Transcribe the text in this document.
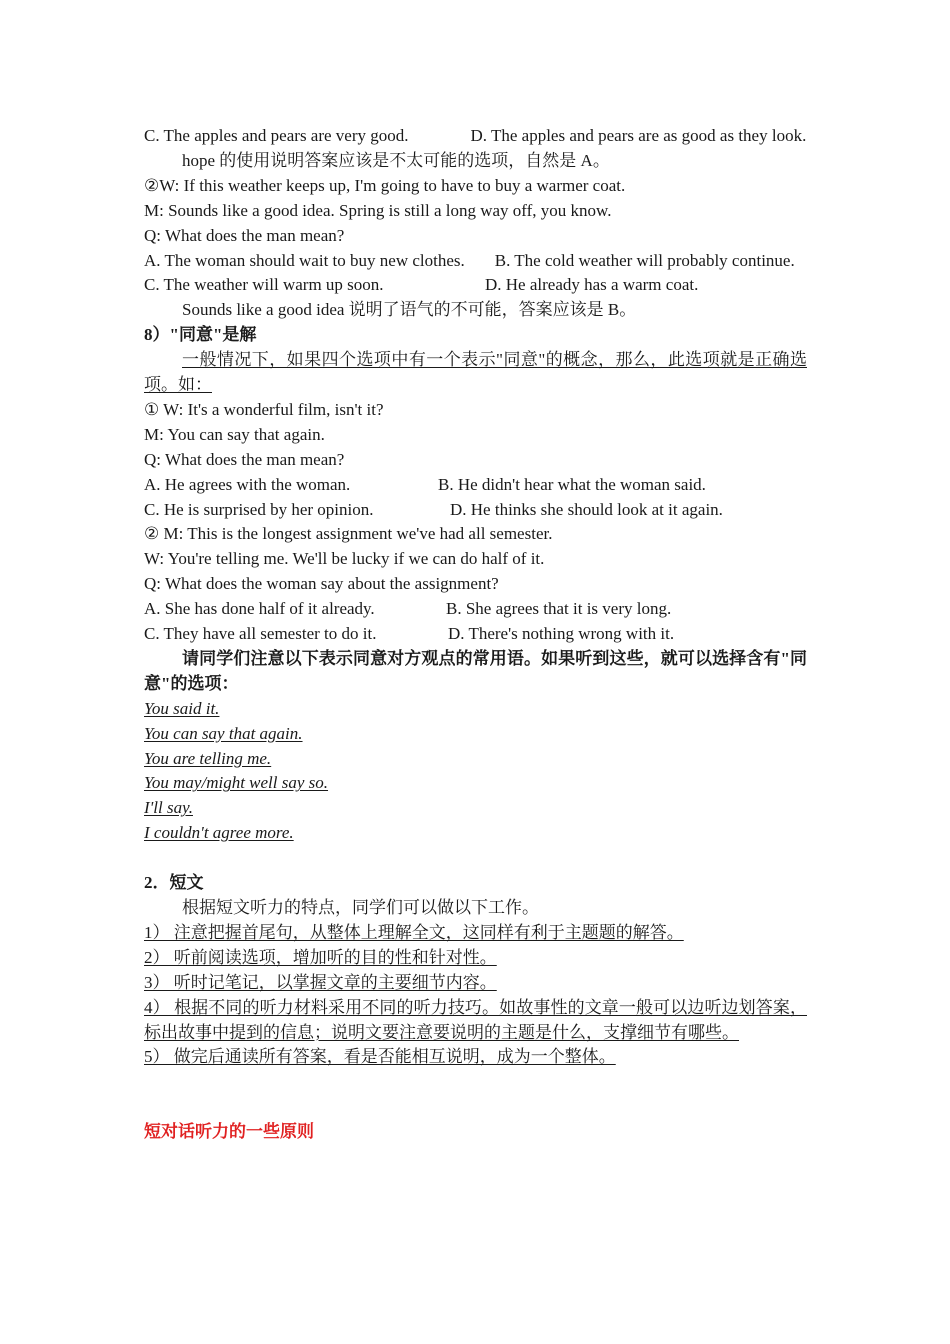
C. The apples and pears are very good.	D. The apples and pears are as good as they look.

hope 的使用说明答案应该是不太可能的选项，自然是 A。

②W: If this weather keeps up, I'm going to have to buy a warmer coat.

M: Sounds like a good idea. Spring is still a long way off, you know.

Q: What does the man mean?

A. The woman should wait to buy new clothes. B. The cold weather will probably continue.

C. The weather will warm up soon.	D. He already has a warm coat.

Sounds like a good idea 说明了语气的不可能，答案应该是 B。

8）"同意"是解

一般情况下，如果四个选项中有一个表示"同意"的概念，那么，此选项就是正确选项。如：

① W: It's a wonderful film, isn't it?

M: You can say that again.

Q: What does the man mean?

A. He agrees with the woman.	B. He didn't hear what the woman said.
C. He is surprised by her opinion.	D. He thinks she should look at it again.

② M: This is the longest assignment we've had all semester.

W: You're telling me. We'll be lucky if we can do half of it.

Q: What does the woman say about the assignment?

A. She has done half of it already.	B. She agrees that it is very long.
C. They have all semester to do it.	D. There's nothing wrong with it.

请同学们注意以下表示同意对方观点的常用语。如果听到这些，就可以选择含有"同意"的选项：

You said it.

You can say that again.

You are telling me.

You may/might well say so.

I'll say.

I couldn't agree more.

2．短文

根据短文听力的特点，同学们可以做以下工作。

1） 注意把握首尾句，从整体上理解全文，这同样有利于主题题的解答。

2） 听前阅读选项，增加听的目的性和针对性。

3） 听时记笔记，以掌握文章的主要细节内容。

4） 根据不同的听力材料采用不同的听力技巧。如故事性的文章一般可以边听边划答案，标出故事中提到的信息；说明文要注意要说明的主题是什么，支撑细节有哪些。

5） 做完后通读所有答案，看是否能相互说明，成为一个整体。

短对话听力的一些原则
